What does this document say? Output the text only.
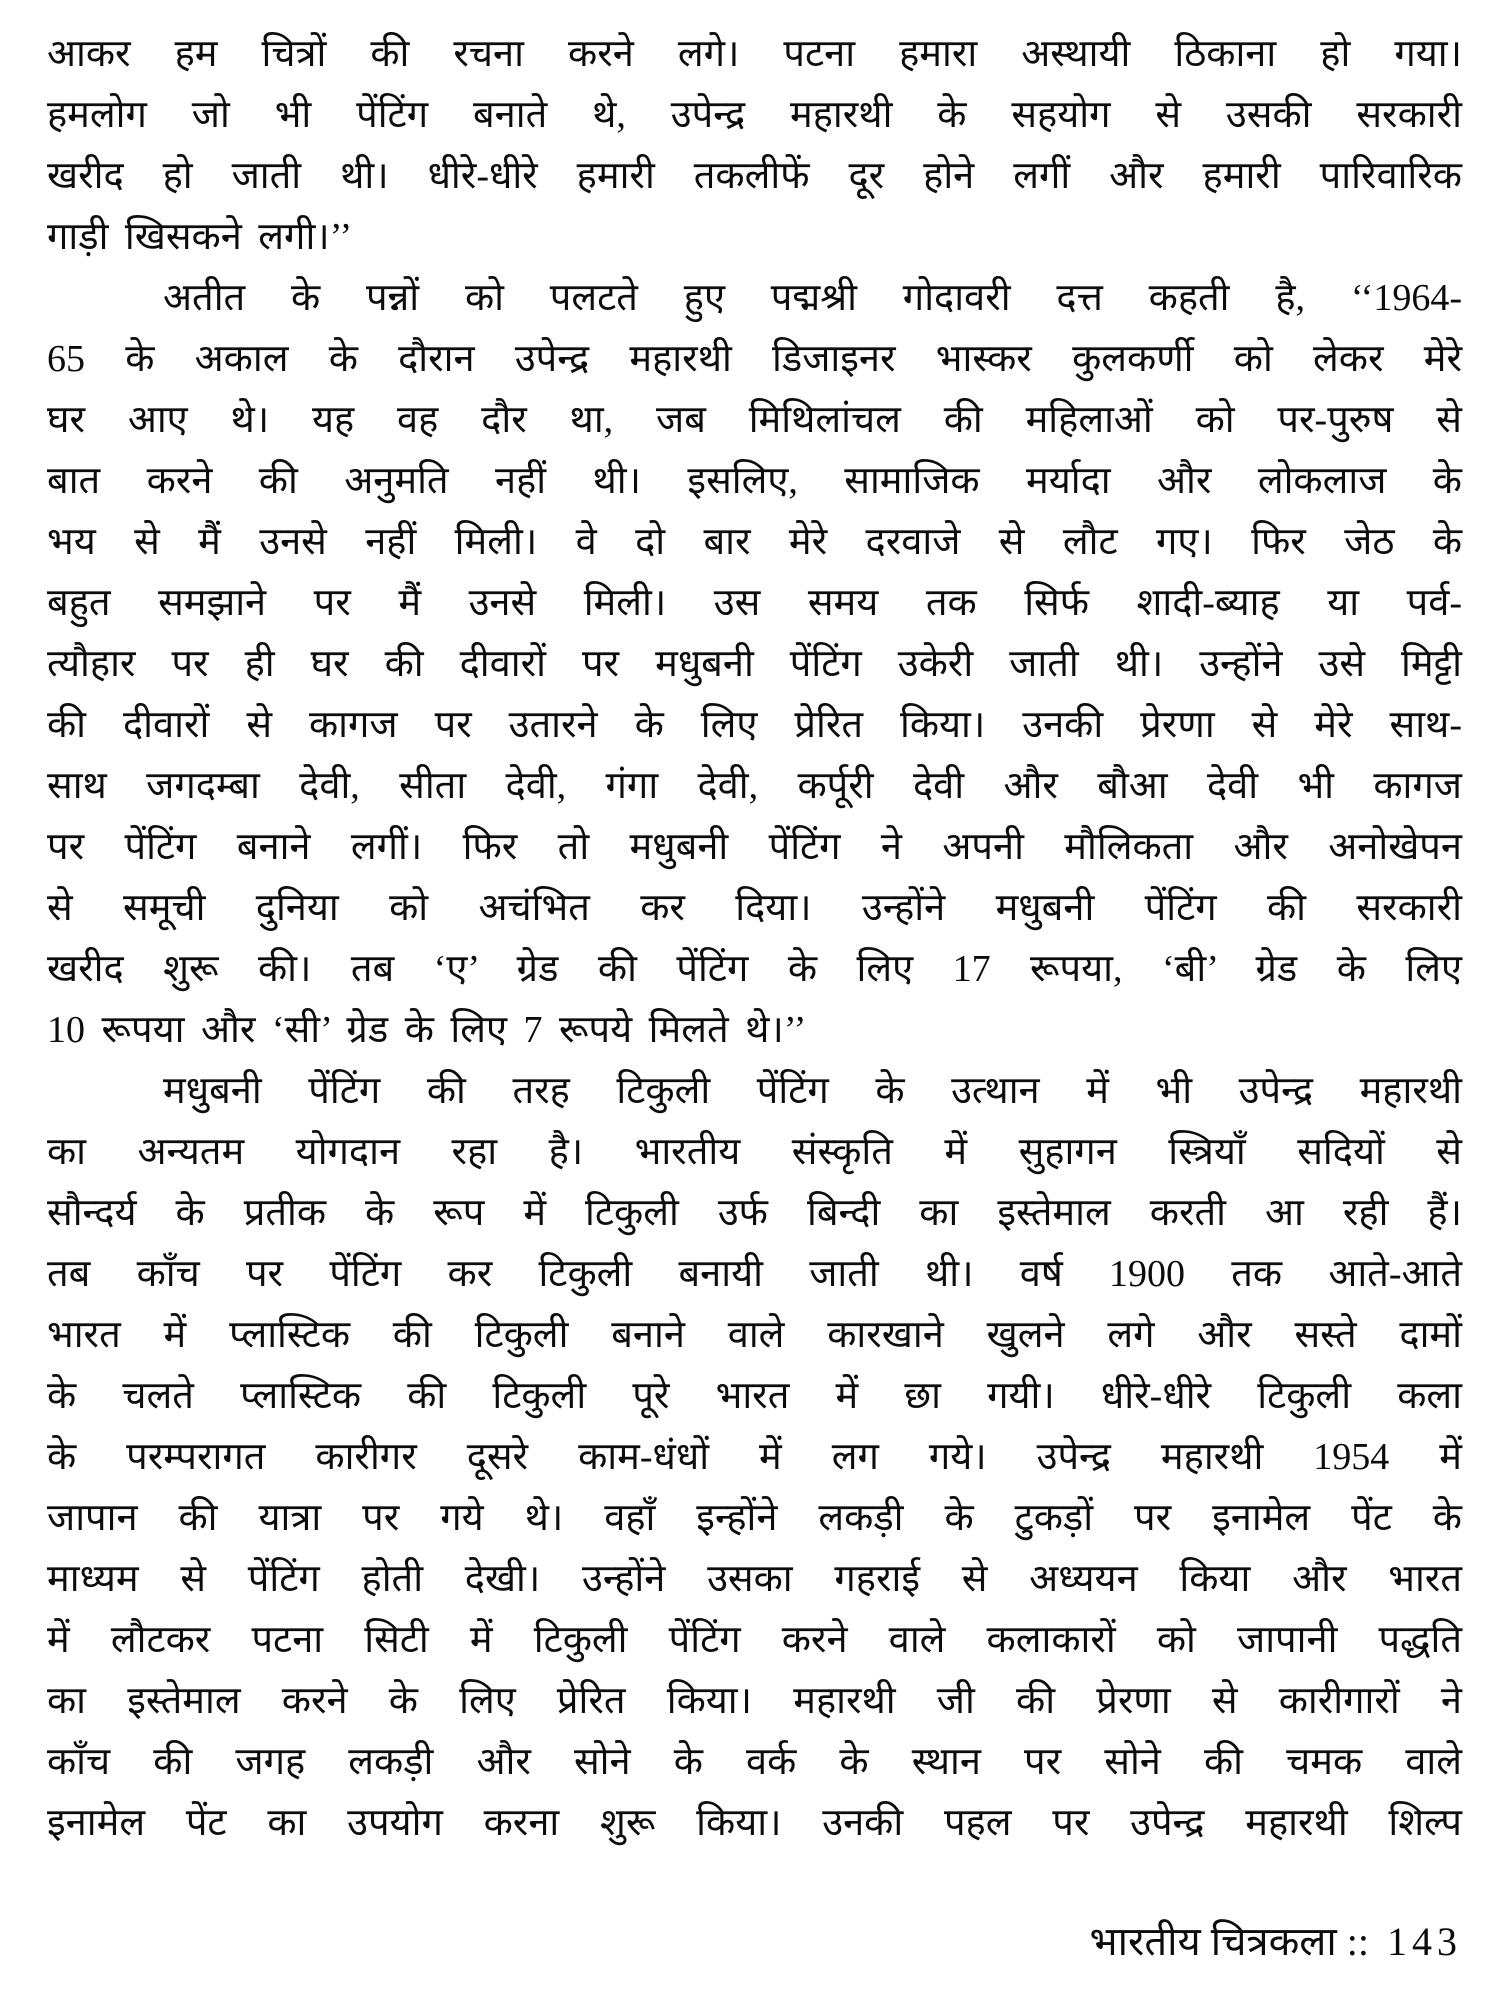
आकर हम चित्रों की रचना करने लगे। पटना हमारा अस्थायी ठिकाना हो गया।
हमलोग जो भी पेंटिंग बनाते थे, उपेन्द्र महारथी के सहयोग से उसकी सरकारी
खरीद हो जाती थी। धीरे-धीरे हमारी तकलीफें दूर होने लगीं और हमारी पारिवारिक
गाड़ी खिसकने लगी।’’
अतीत के पन्नों को पलटते हुए पद्मश्री गोदावरी दत्त कहती है, ‘‘1964-
65 के अकाल के दौरान उपेन्द्र महारथी डिजाइनर भास्कर कुलकर्णी को लेकर मेरे
घर आए थे। यह वह दौर था, जब मिथिलांचल की महिलाओं को पर-पुरुष से
बात करने की अनुमति नहीं थी। इसलिए, सामाजिक मर्यादा और लोकलाज के
भय से मैं उनसे नहीं मिली। वे दो बार मेरे दरवाजे से लौट गए। फिर जेठ के
बहुत समझाने पर मैं उनसे मिली। उस समय तक सिर्फ शादी-ब्याह या पर्व-
त्यौहार पर ही घर की दीवारों पर मधुबनी पेंटिंग उकेरी जाती थी। उन्होंने उसे मिट्टी
की दीवारों से कागज पर उतारने के लिए प्रेरित किया। उनकी प्रेरणा से मेरे साथ-
साथ जगदम्बा देवी, सीता देवी, गंगा देवी, कर्पूरी देवी और बौआ देवी भी कागज
पर पेंटिंग बनाने लगीं। फिर तो मधुबनी पेंटिंग ने अपनी मौलिकता और अनोखेपन
से समूची दुनिया को अचंभित कर दिया। उन्होंने मधुबनी पेंटिंग की सरकारी
खरीद शुरू की। तब ‘ए’ ग्रेड की पेंटिंग के लिए 17 रूपया, ‘बी’ ग्रेड के लिए
10 रूपया और ‘सी’ ग्रेड के लिए 7 रूपये मिलते थे।’’
मधुबनी पेंटिंग की तरह टिकुली पेंटिंग के उत्थान में भी उपेन्द्र महारथी
का अन्यतम योगदान रहा है। भारतीय संस्कृति में सुहागन स्त्रियाँ सदियों से
सौन्दर्य के प्रतीक के रूप में टिकुली उर्फ बिन्दी का इस्तेमाल करती आ रही हैं।
तब काँच पर पेंटिंग कर टिकुली बनायी जाती थी। वर्ष 1900 तक आते-आते
भारत में प्लास्टिक की टिकुली बनाने वाले कारखाने खुलने लगे और सस्ते दामों
के चलते प्लास्टिक की टिकुली पूरे भारत में छा गयी। धीरे-धीरे टिकुली कला
के परम्परागत कारीगर दूसरे काम-धंधों में लग गये। उपेन्द्र महारथी 1954 में
जापान की यात्रा पर गये थे। वहाँ इन्होंने लकड़ी के टुकड़ों पर इनामेल पेंट के
माध्यम से पेंटिंग होती देखी। उन्होंने उसका गहराई से अध्ययन किया और भारत
में लौटकर पटना सिटी में टिकुली पेंटिंग करने वाले कलाकारों को जापानी पद्धति
का इस्तेमाल करने के लिए प्रेरित किया। महारथी जी की प्रेरणा से कारीगारों ने
काँच की जगह लकड़ी और सोने के वर्क के स्थान पर सोने की चमक वाले
इनामेल पेंट का उपयोग करना शुरू किया। उनकी पहल पर उपेन्द्र महारथी शिल्प
भारतीय चित्रकला :: 143
